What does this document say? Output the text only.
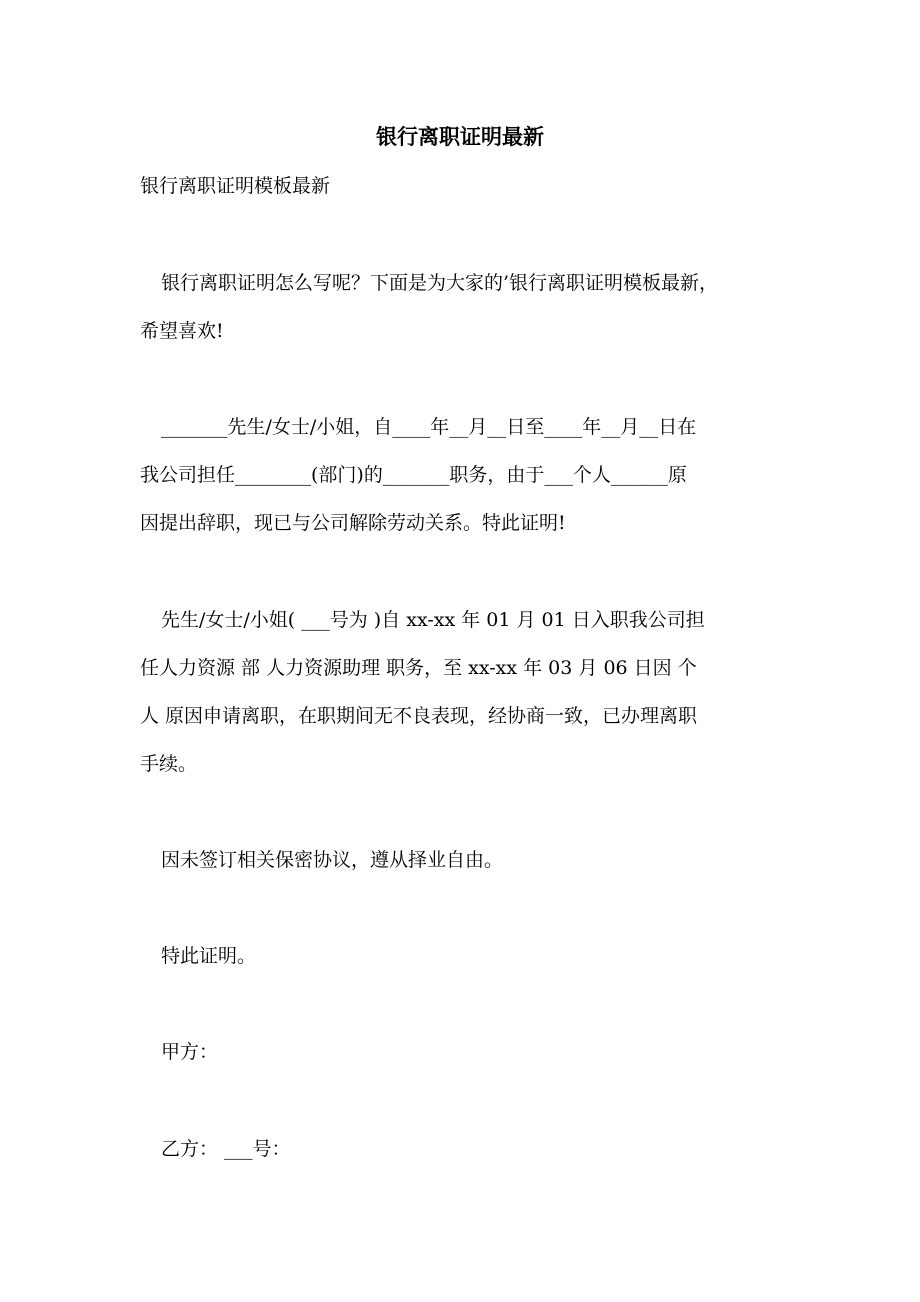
银行离职证明最新
银行离职证明模板最新
银行离职证明怎么写呢？下面是为大家的’银行离职证明模板最新，
希望喜欢!
_______先生/女士/小姐，自____年__月__日至____年__月__日在
我公司担任________(部门)的_______职务，由于___个人______原
因提出辞职，现已与公司解除劳动关系。特此证明!
先生/女士/小姐( ___号为 )自 xx-xx 年 01 月 01 日入职我公司担
任人力资源 部 人力资源助理 职务，至 xx-xx 年 03 月 06 日因 个
人 原因申请离职，在职期间无不良表现，经协商一致，已办理离职
手续。
因未签订相关保密协议，遵从择业自由。
特此证明。
甲方：
乙方： ___号：
